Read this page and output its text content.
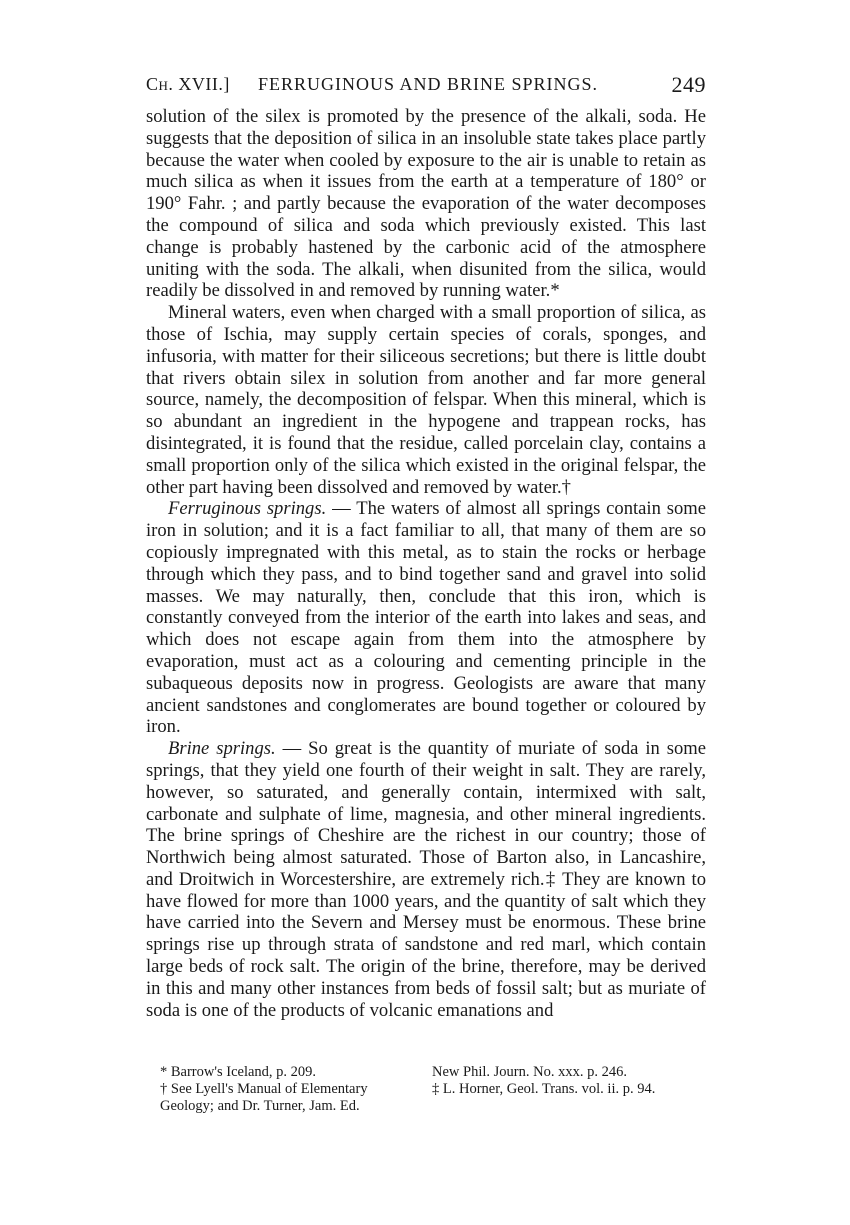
Ch. XVII.] FERRUGINOUS AND BRINE SPRINGS.	249

solution of the silex is promoted by the presence of the alkali, soda. He suggests that the deposition of silica in an insoluble state takes place partly because the water when cooled by exposure to the air is unable to retain as much silica as when it issues from the earth at a temperature of 180° or 190° Fahr. ; and partly because the evaporation of the water decomposes the compound of silica and soda which previously existed. This last change is probably hastened by the carbonic acid of the atmosphere uniting with the soda. The alkali, when disunited from the silica, would readily be dissolved in and removed by running water.*

Mineral waters, even when charged with a small proportion of silica, as those of Ischia, may supply certain species of corals, sponges, and infusoria, with matter for their siliceous secretions; but there is little doubt that rivers obtain silex in solution from another and far more general source, namely, the decomposition of felspar. When this mineral, which is so abundant an ingredient in the hypogene and trappean rocks, has disintegrated, it is found that the residue, called porcelain clay, contains a small proportion only of the silica which existed in the original felspar, the other part having been dissolved and removed by water.†

Ferruginous springs. — The waters of almost all springs contain some iron in solution; and it is a fact familiar to all, that many of them are so copiously impregnated with this metal, as to stain the rocks or herbage through which they pass, and to bind together sand and gravel into solid masses. We may naturally, then, conclude that this iron, which is constantly conveyed from the interior of the earth into lakes and seas, and which does not escape again from them into the atmosphere by evaporation, must act as a colouring and cementing principle in the subaqueous deposits now in progress. Geologists are aware that many ancient sandstones and conglomerates are bound together or coloured by iron.

Brine springs. — So great is the quantity of muriate of soda in some springs, that they yield one fourth of their weight in salt. They are rarely, however, so saturated, and generally contain, intermixed with salt, carbonate and sulphate of lime, magnesia, and other mineral ingredients. The brine springs of Cheshire are the richest in our country; those of Northwich being almost saturated. Those of Barton also, in Lancashire, and Droitwich in Worcestershire, are extremely rich.‡ They are known to have flowed for more than 1000 years, and the quantity of salt which they have carried into the Severn and Mersey must be enormous. These brine springs rise up through strata of sandstone and red marl, which contain large beds of rock salt. The origin of the brine, therefore, may be derived in this and many other instances from beds of fossil salt; but as muriate of soda is one of the products of volcanic emanations and

* Barrow's Iceland, p. 209.

† See Lyell's Manual of Elementary Geology; and Dr. Turner, Jam. Ed.

New Phil. Journ. No. xxx. p. 246.

‡ L. Horner, Geol. Trans. vol. ii. p. 94.
